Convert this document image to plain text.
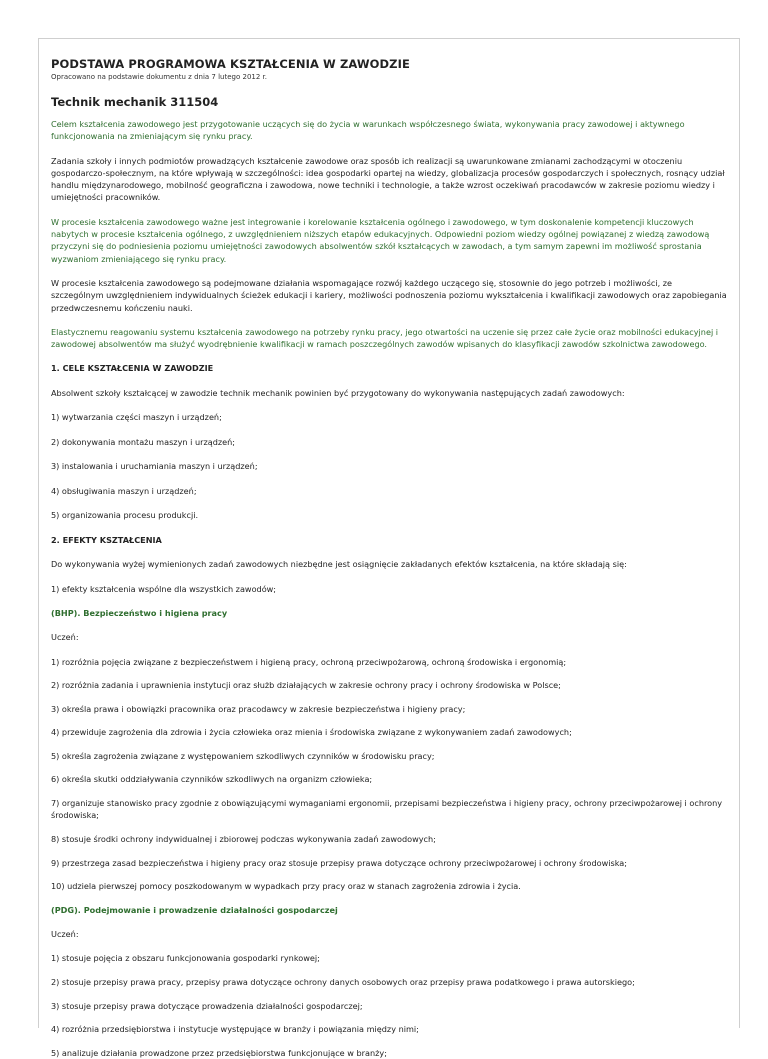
PODSTAWA PROGRAMOWA KSZTAŁCENIA W ZAWODZIE
Opracowano na podstawie dokumentu z dnia 7 lutego 2012 r.
Technik mechanik 311504

Celem kształcenia zawodowego jest przygotowanie uczących się do życia w warunkach współczesnego świata, wykonywania pracy zawodowej i aktywnego funkcjonowania na zmieniającym się rynku pracy.

Zadania szkoły i innych podmiotów prowadzących kształcenie zawodowe oraz sposób ich realizacji są uwarunkowane zmianami zachodzącymi w otoczeniu gospodarczo-społecznym, na które wpływają w szczególności: idea gospodarki opartej na wiedzy, globalizacja procesów gospodarczych i społecznych, rosnący udział handlu międzynarodowego, mobilność geograficzna i zawodowa, nowe techniki i technologie, a także wzrost oczekiwań pracodawców w zakresie poziomu wiedzy i umiejętności pracowników.

W procesie kształcenia zawodowego ważne jest integrowanie i korelowanie kształcenia ogólnego i zawodowego, w tym doskonalenie kompetencji kluczowych nabytych w procesie kształcenia ogólnego, z uwzględnieniem niższych etapów edukacyjnych. Odpowiedni poziom wiedzy ogólnej powiązanej z wiedzą zawodową przyczyni się do podniesienia poziomu umiejętności zawodowych absolwentów szkół kształcących w zawodach, a tym samym zapewni im możliwość sprostania wyzwaniom zmieniającego się rynku pracy.

W procesie kształcenia zawodowego są podejmowane działania wspomagające rozwój każdego uczącego się, stosownie do jego potrzeb i możliwości, ze szczególnym uwzględnieniem indywidualnych ścieżek edukacji i kariery, możliwości podnoszenia poziomu wykształcenia i kwalifikacji zawodowych oraz zapobiegania przedwczesnemu kończeniu nauki.

Elastycznemu reagowaniu systemu kształcenia zawodowego na potrzeby rynku pracy, jego otwartości na uczenie się przez całe życie oraz mobilności edukacyjnej i zawodowej absolwentów ma służyć wyodrębnienie kwalifikacji w ramach poszczególnych zawodów wpisanych do klasyfikacji zawodów szkolnictwa zawodowego.

1. CELE KSZTAŁCENIA W ZAWODZIE

Absolwent szkoły kształcącej w zawodzie technik mechanik powinien być przygotowany do wykonywania następujących zadań zawodowych:

1) wytwarzania części maszyn i urządzeń;

2) dokonywania montażu maszyn i urządzeń;

3) instalowania i uruchamiania maszyn i urządzeń;

4) obsługiwania maszyn i urządzeń;

5) organizowania procesu produkcji.

2. EFEKTY KSZTAŁCENIA

Do wykonywania wyżej wymienionych zadań zawodowych niezbędne jest osiągnięcie zakładanych efektów kształcenia, na które składają się:

1) efekty kształcenia wspólne dla wszystkich zawodów;

(BHP). Bezpieczeństwo i higiena pracy

Uczeń:

1) rozróżnia pojęcia związane z bezpieczeństwem i higieną pracy, ochroną przeciwpożarową, ochroną środowiska i ergonomią;

2) rozróżnia zadania i uprawnienia instytucji oraz służb działających w zakresie ochrony pracy i ochrony środowiska w Polsce;

3) określa prawa i obowiązki pracownika oraz pracodawcy w zakresie bezpieczeństwa i higieny pracy;

4) przewiduje zagrożenia dla zdrowia i życia człowieka oraz mienia i środowiska związane z wykonywaniem zadań zawodowych;

5) określa zagrożenia związane z występowaniem szkodliwych czynników w środowisku pracy;

6) określa skutki oddziaływania czynników szkodliwych na organizm człowieka;

7) organizuje stanowisko pracy zgodnie z obowiązującymi wymaganiami ergonomii, przepisami bezpieczeństwa i higieny pracy, ochrony przeciwpożarowej i ochrony środowiska;

8) stosuje środki ochrony indywidualnej i zbiorowej podczas wykonywania zadań zawodowych;

9) przestrzega zasad bezpieczeństwa i higieny pracy oraz stosuje przepisy prawa dotyczące ochrony przeciwpożarowej i ochrony środowiska;

10) udziela pierwszej pomocy poszkodowanym w wypadkach przy pracy oraz w stanach zagrożenia zdrowia i życia.

(PDG). Podejmowanie i prowadzenie działalności gospodarczej

Uczeń:

1) stosuje pojęcia z obszaru funkcjonowania gospodarki rynkowej;

2) stosuje przepisy prawa pracy, przepisy prawa dotyczące ochrony danych osobowych oraz przepisy prawa podatkowego i prawa autorskiego;

3) stosuje przepisy prawa dotyczące prowadzenia działalności gospodarczej;

4) rozróżnia przedsiębiorstwa i instytucje występujące w branży i powiązania między nimi;

5) analizuje działania prowadzone przez przedsiębiorstwa funkcjonujące w branży;
